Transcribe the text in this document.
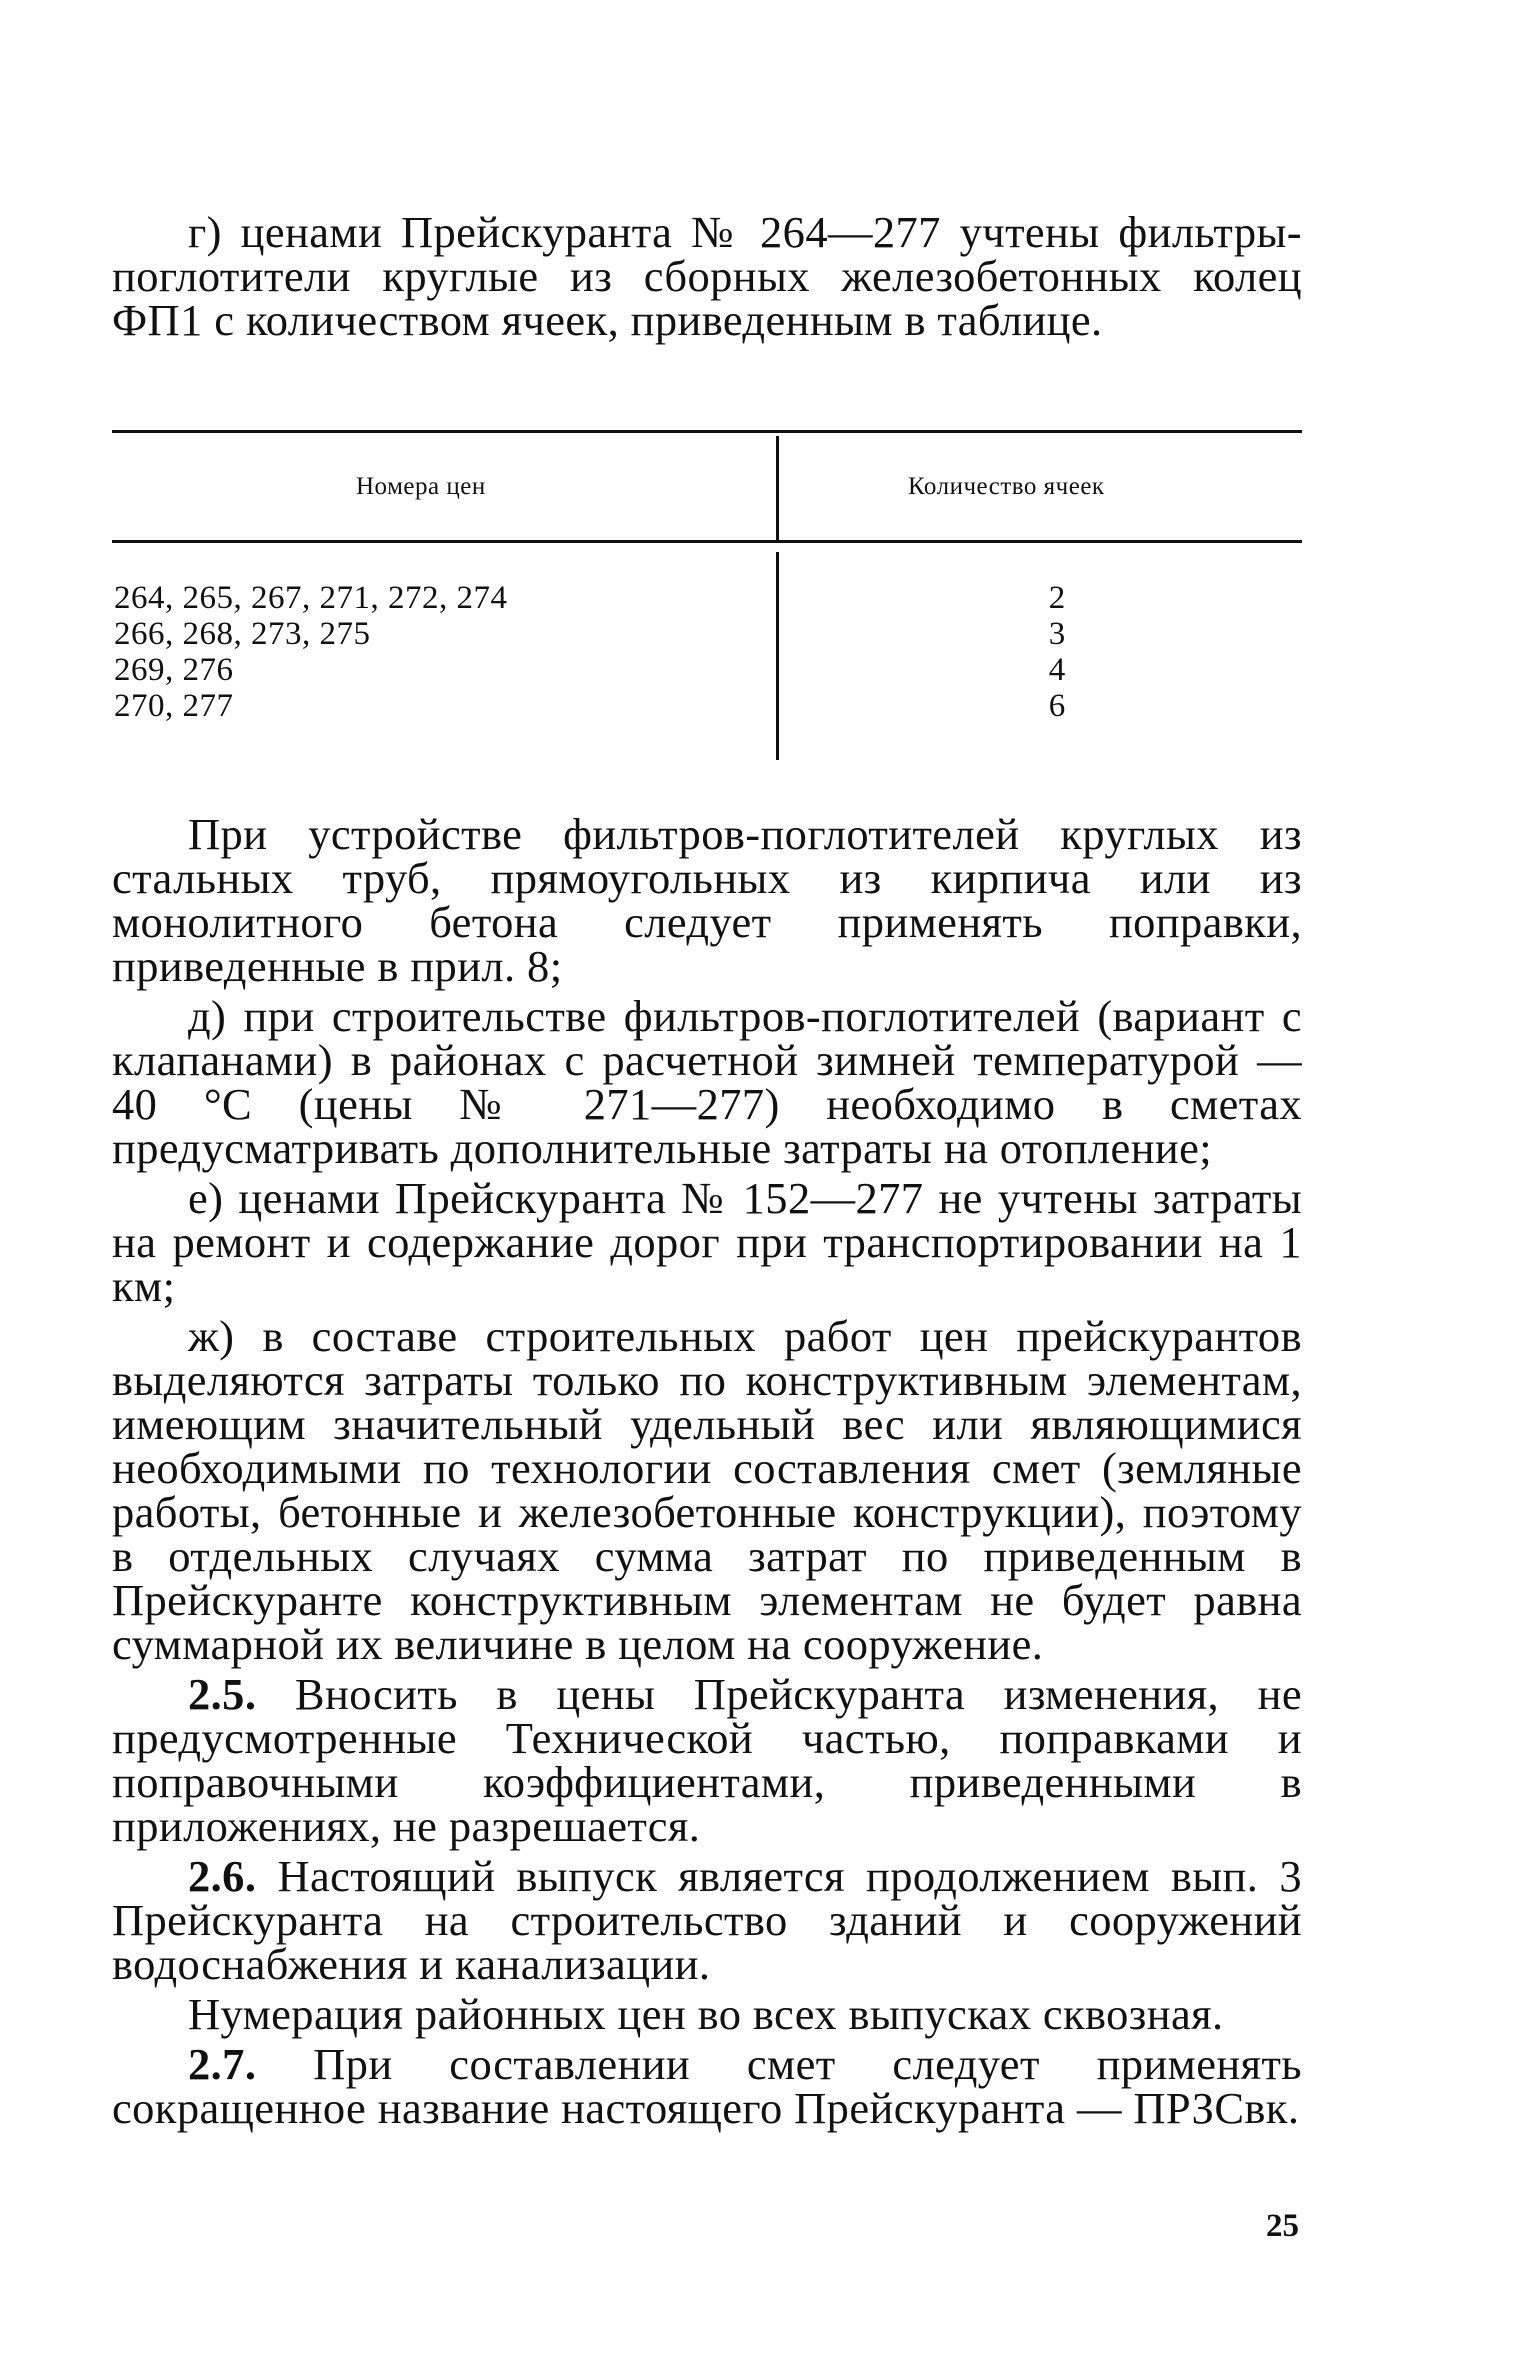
г) ценами Прейскуранта № 264—277 учтены фильтры-поглотители круглые из сборных железобетонных колец ФП1 с количеством ячеек, приведенным в таблице.

Номера цен	Количество ячеек
264, 265, 267, 271, 272, 274	2
266, 268, 273, 275	3
269, 276	4
270, 277	6

При устройстве фильтров-поглотителей круглых из стальных труб, прямоугольных из кирпича или из монолитного бетона следует применять поправки, приведенные в прил. 8;

д) при строительстве фильтров-поглотителей (вариант с клапанами) в районах с расчетной зимней температурой —40 °С (цены № 271—277) необходимо в сметах предусматривать дополнительные затраты на отопление;

е) ценами Прейскуранта № 152—277 не учтены затраты на ремонт и содержание дорог при транспортировании на 1 км;

ж) в составе строительных работ цен прейскурантов выделяются затраты только по конструктивным элементам, имеющим значительный удельный вес или являющимися необходимыми по технологии составления смет (земляные работы, бетонные и железобетонные конструкции), поэтому в отдельных случаях сумма затрат по приведенным в Прейскуранте конструктивным элементам не будет равна суммарной их величине в целом на сооружение.

2.5. Вносить в цены Прейскуранта изменения, не предусмотренные Технической частью, поправками и поправочными коэффициентами, приведенными в приложениях, не разрешается.

2.6. Настоящий выпуск является продолжением вып. 3 Прейскуранта на строительство зданий и сооружений водоснабжения и канализации.

Нумерация районных цен во всех выпусках сквозная.

2.7. При составлении смет следует применять сокращенное название настоящего Прейскуранта — ПРЗСвк.

25
